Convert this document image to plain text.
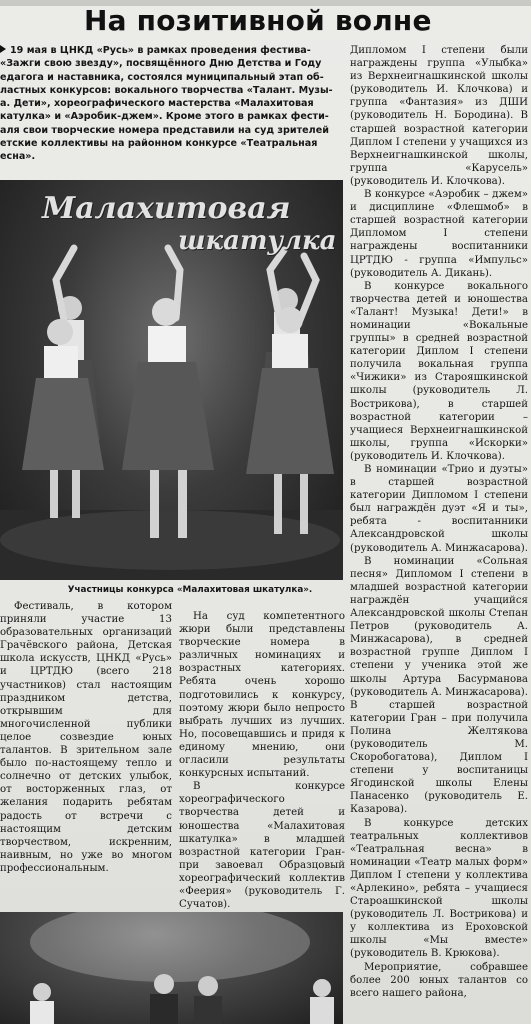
На позитивной волне
19 мая в ЦНКД «Русь» в рамках проведения фестива-
«Зажги свою звезду», посвящённого Дню Детства и Году
едагога и наставника, состоялся муниципальный этап об-
ластных конкурсов: вокального творчества «Талант. Музы-
а. Дети», хореографического мастерства «Малахитовая
катулка» и «Аэробик-джем». Кроме этого в рамках фести-
аля свои творческие номера представили на суд зрителей
етские коллективы на районном конкурсе «Театральная
есна».
Малахитовая
шкатулка
Участницы конкурса «Малахитовая шкатулка».

Фестиваль, в котором приняли участие 13 образовательных организаций Грачёвского района, Детская школа искусств, ЦНКД «Русь» и ЦРТДЮ (всего 218 участников) стал настоящим праздником детства, открывшим для многочисленной публики целое созвездие юных талантов. В зрительном зале было по-настоящему тепло и солнечно от детских улыбок, от восторженных глаз, от желания подарить ребятам радость от встречи с настоящим детским творчеством, искренним, наивным, но уже во многом профессиональным.

На суд компетентного жюри были представлены творческие номера в различных номинациях и возрастных категориях. Ребята очень хорошо подготовились к конкурсу, поэтому жюри было непросто выбрать лучших из лучших. Но, посовещавшись и придя к единому мнению, они огласили результаты конкурсных испытаний.

В конкурсе хореографического творчества детей и юношества «Малахитовая шкатулка» в младшей возрастной категории Гран-при завоевал Образцовый хореографический коллектив «Феерия» (руководитель Г. Сучатов).

Дипломом I степени были награждены группа «Улыбка» из Верхнеигнашкинской школы (руководитель И. Клочкова) и группа «Фантазия» из ДШИ (руководитель Н. Бородина). В старшей возрастной категории Диплом I степени у учащихся из Верхнеигнашкинской школы, группа «Карусель» (руководитель И. Клочкова).

В конкурсе «Аэробик – джем» и дисциплине «Флешмоб» в старшей возрастной категории Дипломом I степени награждены воспитанники ЦРТДЮ - группа «Импульс» (руководитель А. Дикань).

В конкурсе вокального творчества детей и юношества «Талант! Музыка! Дети!» в номинации «Вокальные группы» в средней возрастной категории Диплом I степени получила вокальная группа «Чижики» из Старояшкинской школы (руководитель Л. Вострикова), в старшей возрастной категории – учащиеся Верхнеигнашкинской школы, группа «Искорки» (руководитель И. Клочкова).

В номинации «Трио и дуэты» в старшей возрастной категории Дипломом I степени был награждён дуэт «Я и ты», ребята - воспитанники Александровской школы (руководитель А. Минжасарова).

В номинации «Сольная песня» Дипломом I степени в младшей возрастной категории награждён учащийся Александровской школы Степан Петров (руководитель А. Минжасарова), в средней возрастной группе Диплом I степени у ученика этой же школы Артура Басурманова (руководитель А. Минжасарова). В старшей возрастной категории Гран – при получила Полина Желтякова (руководитель М. Скоробогатова), Диплом I степени у воспитаницы Ягодинской школы Елены Панасенко (руководитель Е. Казарова).

В конкурсе детских театральных коллективов «Театральная весна» в номинации «Театр малых форм» Диплом I степени у коллектива «Арлекино», ребята – учащиеся Староашкинской школы (руководитель Л. Вострикова) и у коллектива из Ероховской школы «Мы вместе» (руководитель В. Крюкова).

Мероприятие, собравшее более 200 юных талантов со всего нашего района,
